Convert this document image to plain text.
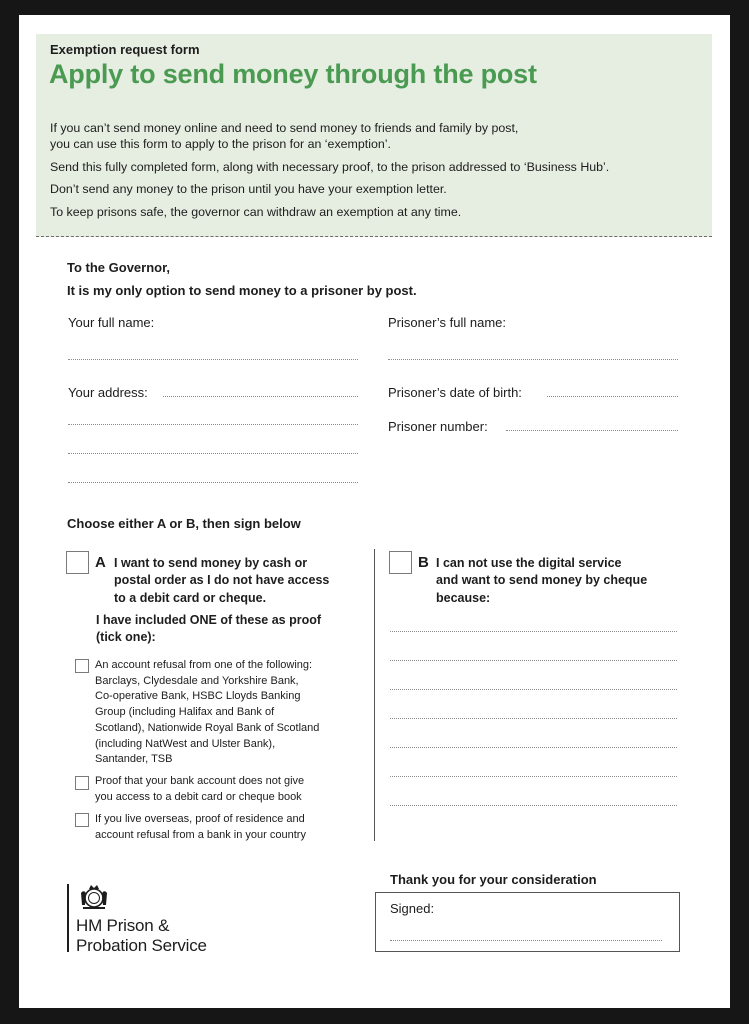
Exemption request form
Apply to send money through the post
If you can’t send money online and need to send money to friends and family by post,
you can use this form to apply to the prison for an ‘exemption’.
Send this fully completed form, along with necessary proof, to the prison addressed to ‘Business Hub’.
Don’t send any money to the prison until you have your exemption letter.
To keep prisons safe, the governor can withdraw an exemption at any time.
To the Governor,
It is my only option to send money to a prisoner by post.
Your full name:
Your address:
Prisoner’s full name:
Prisoner’s date of birth:
Prisoner number:
Choose either A or B, then sign below
A I want to send money by cash or
postal order as I do not have access
to a debit card or cheque.
I have included ONE of these as proof
(tick one):
An account refusal from one of the following:
Barclays, Clydesdale and Yorkshire Bank,
Co-operative Bank, HSBC Lloyds Banking
Group (including Halifax and Bank of
Scotland), Nationwide Royal Bank of Scotland
(including NatWest and Ulster Bank),
Santander, TSB
Proof that your bank account does not give
you access to a debit card or cheque book
If you live overseas, proof of residence and
account refusal from a bank in your country
B I can not use the digital service
and want to send money by cheque
because:
HM Prison &
Probation Service
Thank you for your consideration
Signed:
